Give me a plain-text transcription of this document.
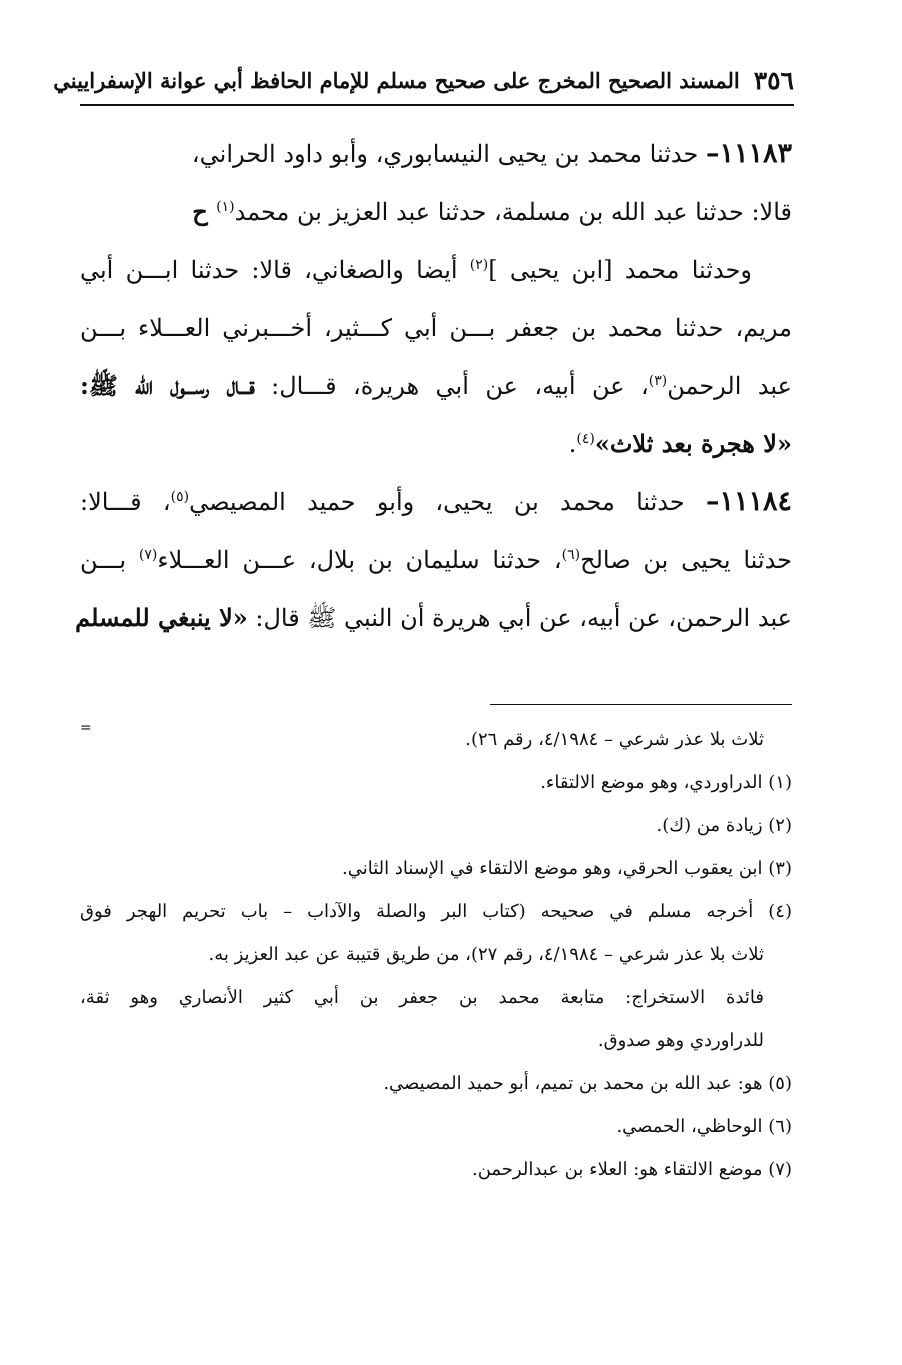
٣٥٦
المسند الصحيح المخرج على صحيح مسلم للإمام الحافظ أبي عوانة الإسفراييني
١١١٨٣– حدثنا محمد بن يحيى النيسابوري، وأبو داود الحراني،
قالا: حدثنا عبد الله بن مسلمة، حدثنا عبد العزيز بن محمد$^{(١)}$ ح
وحدثنا محمد [ابن يحيى ]$^{(٢)}$ أيضا والصغاني، قالا: حدثنا ابـــن أبي
مريم، حدثنا محمد بن جعفر بـــن أبي كـــثير، أخـــبرني العـــلاء بـــن
عبد الرحمن$^{(٣)}$، عن أبيه، عن أبي هريرة، قـــال: قـــال رســـول الله ﷺ:
«لا هجرة بعد ثلاث»$^{(٤)}$.
١١١٨٤– حدثنا محمد بن يحيى، وأبو حميد المصيصي$^{(٥)}$، قـــالا:
حدثنا يحيى بن صالح$^{(٦)}$، حدثنا سليمان بن بلال، عـــن العـــلاء$^{(٧)}$ بـــن
عبد الرحمن، عن أبيه، عن أبي هريرة أن النبي ﷺ قال: «لا ينبغي للمسلم
=
ثلاث بلا عذر شرعي – ٤/١٩٨٤، رقم ٢٦).
(١) الدراوردي، وهو موضع الالتقاء.
(٢) زيادة من (ك).
(٣) ابن يعقوب الحرقي، وهو موضع الالتقاء في الإسناد الثاني.
(٤) أخرجه مسلم في صحيحه (كتاب البر والصلة والآداب – باب تحريم الهجر فوق
ثلاث بلا عذر شرعي – ٤/١٩٨٤، رقم ٢٧)، من طريق قتيبة عن عبد العزيز به.
فائدة الاستخراج: متابعة محمد بن جعفر بن أبي كثير الأنصاري وهو ثقة،
للدراوردي وهو صدوق.
(٥) هو: عبد الله بن محمد بن تميم، أبو حميد المصيصي.
(٦) الوحاظي، الحمصي.
(٧) موضع الالتقاء هو: العلاء بن عبدالرحمن.
